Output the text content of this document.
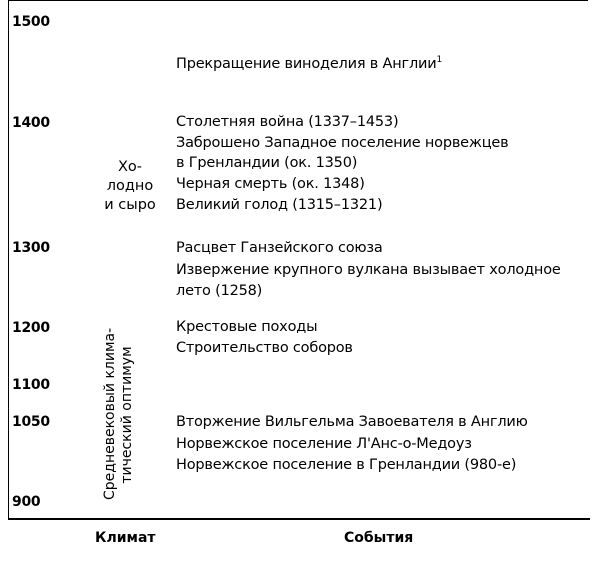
1500
1400
1300
1200
1100
1050
900
Прекращение виноделия в Англии$^1$
Столетняя война (1337–1453)
Заброшено Западное поселение норвежцев
в Гренландии (ок. 1350)
Черная смерть (ок. 1348)
Великий голод (1315–1321)
Расцвет Ганзейского союза
Извержение крупного вулкана вызывает холодное
лето (1258)
Крестовые походы
Строительство соборов
Вторжение Вильгельма Завоевателя в Англию
Норвежское поселение Л'Анс-о-Медоуз
Норвежское поселение в Гренландии (980-е)
Хо-
лодно
и сыро
Средневековый клима- тический оптимум
Климат	События
